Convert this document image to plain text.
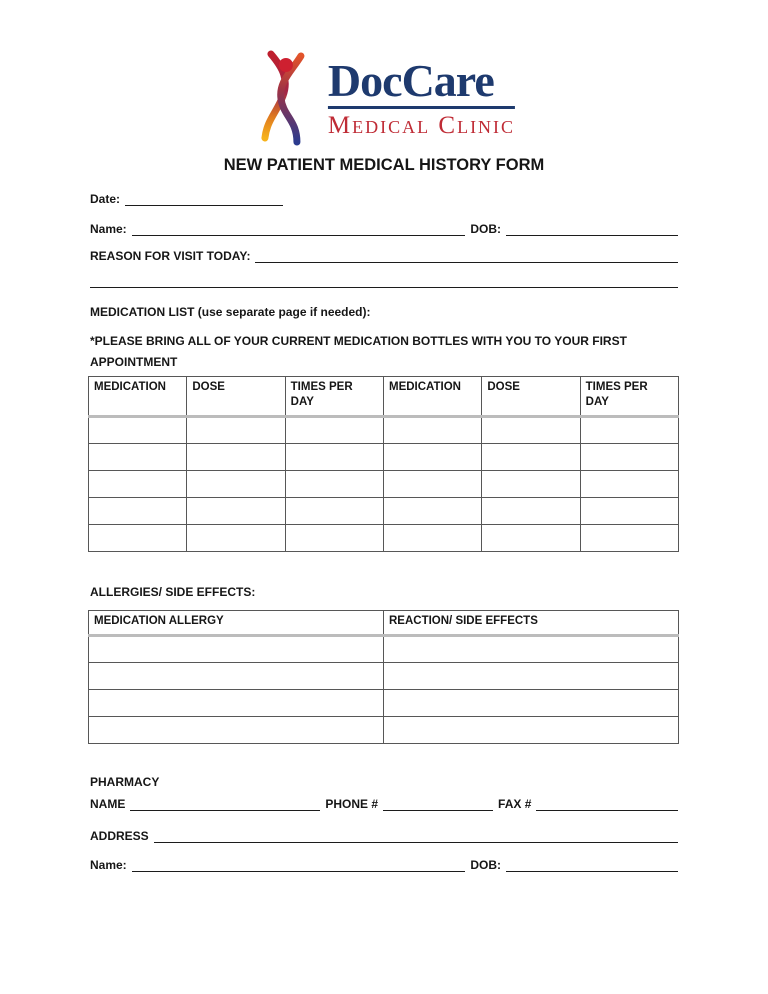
DocCare
Medical Clinic
NEW PATIENT MEDICAL HISTORY FORM
Date:
Name:	DOB:
REASON FOR VISIT TODAY:
MEDICATION LIST (use separate page if needed):
*PLEASE BRING ALL OF YOUR CURRENT MEDICATION BOTTLES WITH YOU TO YOUR FIRST
APPOINTMENT
MEDICATION	DOSE	TIMES PER DAY	MEDICATION	DOSE	TIMES PER DAY

ALLERGIES/ SIDE EFFECTS:
MEDICATION ALLERGY	REACTION/ SIDE EFFECTS

PHARMACY
NAME	PHONE #	FAX #
ADDRESS
Name:	DOB:
